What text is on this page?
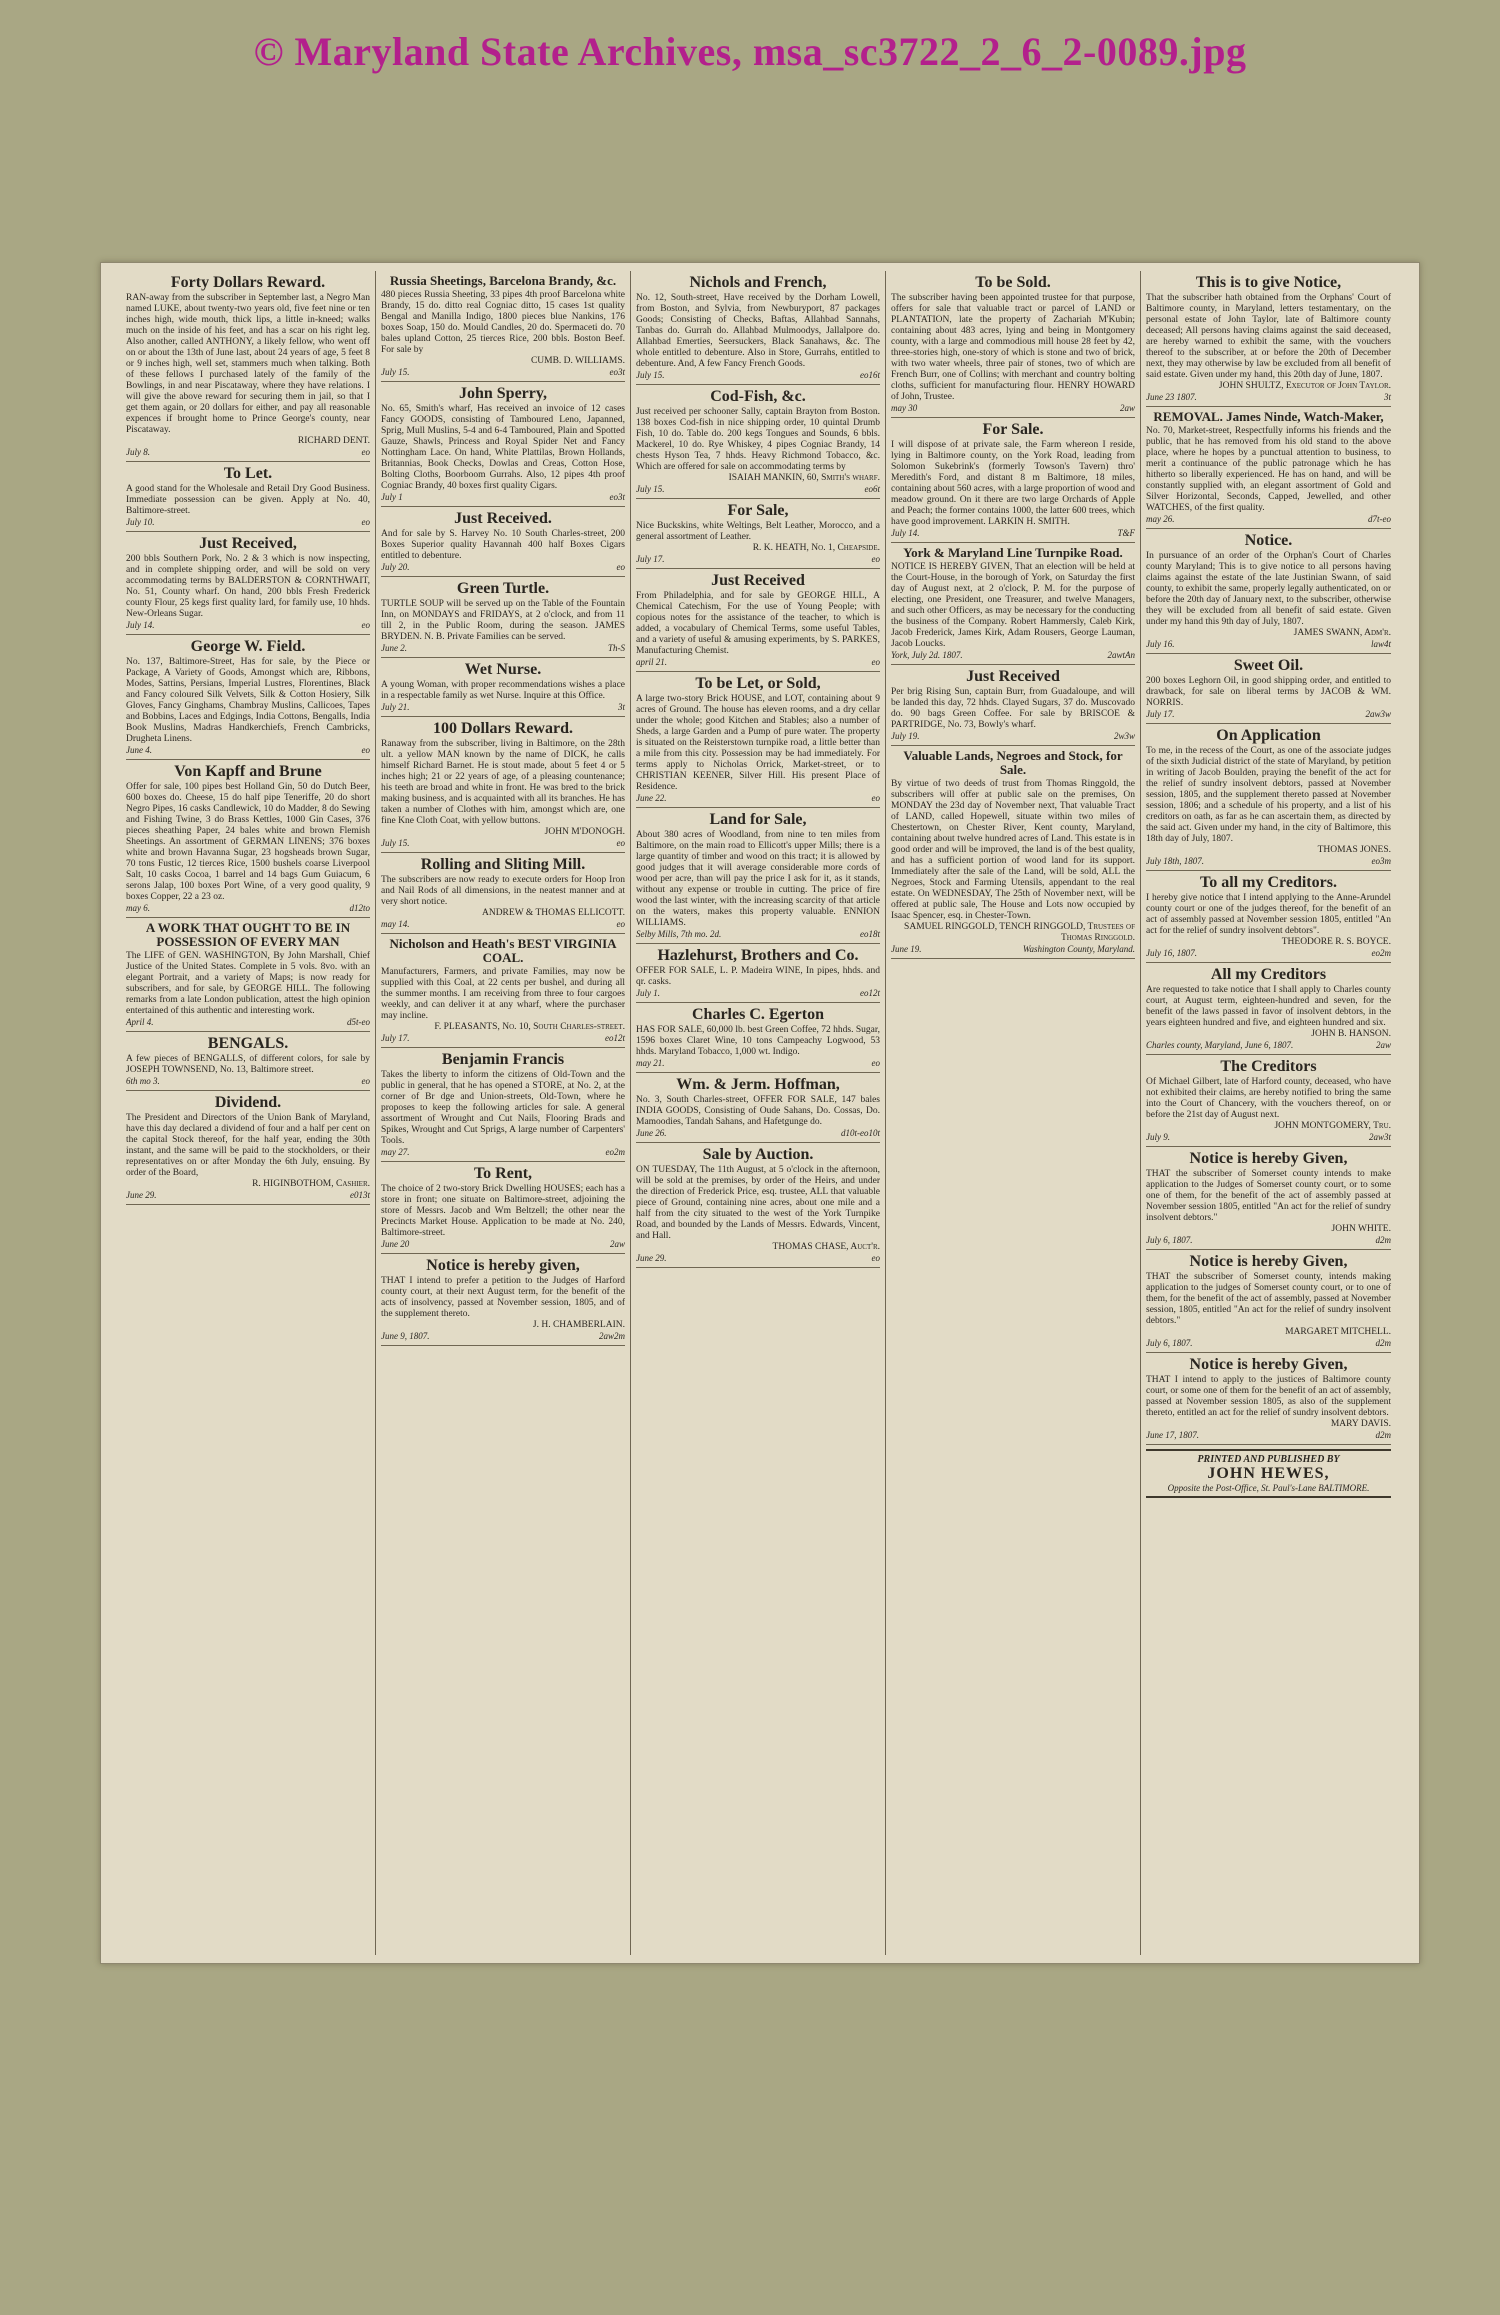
© Maryland State Archives, msa_sc3722_2_6_2-0089.jpg
Forty Dollars Reward.

RAN-away from the subscriber in September last, a Negro Man named LUKE, about twenty-two years old, five feet nine or ten inches high, wide mouth, thick lips, a little in-kneed; walks much on the inside of his feet, and has a scar on his right leg. Also another, called ANTHONY, a likely fellow, who went off on or about the 13th of June last, about 24 years of age, 5 feet 8 or 9 inches high, well set, stammers much when talking. Both of these fellows I purchased lately of the family of the Bowlings, in and near Piscataway, where they have relations. I will give the above reward for securing them in jail, so that I get them again, or 20 dollars for either, and pay all reasonable expences if brought home to Prince George's county, near Piscataway.

RICHARD DENT.
July 8.	eo
To Let.

A good stand for the Wholesale and Retail Dry Good Business. Immediate possession can be given. Apply at No. 40, Baltimore-street.

July 10.	eo
Just Received,

200 bbls Southern Pork, No. 2 & 3 which is now inspecting, and in complete shipping order, and will be sold on very accommodating terms by BALDERSTON & CORNTHWAIT, No. 51, County wharf. On hand, 200 bbls Fresh Frederick county Flour, 25 kegs first quality lard, for family use, 10 hhds. New-Orleans Sugar.

July 14.	eo
George W. Field.

No. 137, Baltimore-Street, Has for sale, by the Piece or Package, A Variety of Goods, Amongst which are, Ribbons, Modes, Sattins, Persians, Imperial Lustres, Florentines, Black and Fancy coloured Silk Velvets, Silk & Cotton Hosiery, Silk Gloves, Fancy Ginghams, Chambray Muslins, Callicoes, Tapes and Bobbins, Laces and Edgings, India Cottons, Bengalls, India Book Muslins, Madras Handkerchiefs, French Cambricks, Drugheta Linens.

June 4.	eo
Von Kapff and Brune

Offer for sale, 100 pipes best Holland Gin, 50 do Dutch Beer, 600 boxes do. Cheese, 15 do half pipe Teneriffe, 20 do short Negro Pipes, 16 casks Candlewick, 10 do Madder, 8 do Sewing and Fishing Twine, 3 do Brass Kettles, 1000 Gin Cases, 376 pieces sheathing Paper, 24 bales white and brown Flemish Sheetings. An assortment of GERMAN LINENS; 376 boxes white and brown Havanna Sugar, 23 hogsheads brown Sugar, 70 tons Fustic, 12 tierces Rice, 1500 bushels coarse Liverpool Salt, 10 casks Cocoa, 1 barrel and 14 bags Gum Guiacum, 6 serons Jalap, 100 boxes Port Wine, of a very good quality, 9 boxes Copper, 22 a 23 oz.

may 6.	d12to
A WORK THAT OUGHT TO BE IN POSSESSION OF EVERY MAN

The LIFE of GEN. WASHINGTON, By John Marshall, Chief Justice of the United States. Complete in 5 vols. 8vo. with an elegant Portrait, and a variety of Maps; is now ready for subscribers, and for sale, by GEORGE HILL. The following remarks from a late London publication, attest the high opinion entertained of this authentic and interesting work.

April 4.	d5t-eo
BENGALS.

A few pieces of BENGALLS, of different colors, for sale by JOSEPH TOWNSEND, No. 13, Baltimore street.

6th mo 3.	eo
Dividend.

The President and Directors of the Union Bank of Maryland, have this day declared a dividend of four and a half per cent on the capital Stock thereof, for the half year, ending the 30th instant, and the same will be paid to the stockholders, or their representatives on or after Monday the 6th July, ensuing. By order of the Board,

R. HIGINBOTHOM, Cashier.
June 29.	e013t
Russia Sheetings, Barcelona Brandy, &c.

480 pieces Russia Sheeting, 33 pipes 4th proof Barcelona white Brandy, 15 do. ditto real Cogniac ditto, 15 cases 1st quality Bengal and Manilla Indigo, 1800 pieces blue Nankins, 176 boxes Soap, 150 do. Mould Candles, 20 do. Spermaceti do. 70 bales upland Cotton, 25 tierces Rice, 200 bbls. Boston Beef. For sale by

CUMB. D. WILLIAMS.
July 15.	eo3t
John Sperry,

No. 65, Smith's wharf, Has received an invoice of 12 cases Fancy GOODS, consisting of Tamboured Leno, Japanned, Sprig, Mull Muslins, 5-4 and 6-4 Tamboured, Plain and Spotted Gauze, Shawls, Princess and Royal Spider Net and Fancy Nottingham Lace. On hand, White Plattilas, Brown Hollands, Britannias, Book Checks, Dowlas and Creas, Cotton Hose, Bolting Cloths, Boorboom Gurrahs. Also, 12 pipes 4th proof Cogniac Brandy, 40 boxes first quality Cigars.

July 1	eo3t
Just Received.

And for sale by S. Harvey No. 10 South Charles-street, 200 Boxes Superior quality Havannah 400 half Boxes Cigars entitled to debenture.

July 20.	eo
Green Turtle.

TURTLE SOUP will be served up on the Table of the Fountain Inn, on MONDAYS and FRIDAYS, at 2 o'clock, and from 11 till 2, in the Public Room, during the season. JAMES BRYDEN. N. B. Private Families can be served.

June 2.	Th-S
Wet Nurse.

A young Woman, with proper recommendations wishes a place in a respectable family as wet Nurse. Inquire at this Office.

July 21.	3t
100 Dollars Reward.

Ranaway from the subscriber, living in Baltimore, on the 28th ult. a yellow MAN known by the name of DICK, he calls himself Richard Barnet. He is stout made, about 5 feet 4 or 5 inches high; 21 or 22 years of age, of a pleasing countenance; his teeth are broad and white in front. He was bred to the brick making business, and is acquainted with all its branches. He has taken a number of Clothes with him, amongst which are, one fine Kne Cloth Coat, with yellow buttons.

JOHN M'DONOGH.
July 15.	eo
Rolling and Sliting Mill.

The subscribers are now ready to execute orders for Hoop Iron and Nail Rods of all dimensions, in the neatest manner and at very short notice.

ANDREW & THOMAS ELLICOTT.
may 14.	eo
Nicholson and Heath's BEST VIRGINIA COAL.

Manufacturers, Farmers, and private Families, may now be supplied with this Coal, at 22 cents per bushel, and during all the summer months. I am receiving from three to four cargoes weekly, and can deliver it at any wharf, where the purchaser may incline.

F. PLEASANTS, No. 10, South Charles-street.
July 17.	eo12t
Benjamin Francis

Takes the liberty to inform the citizens of Old-Town and the public in general, that he has opened a STORE, at No. 2, at the corner of Br dge and Union-streets, Old-Town, where he proposes to keep the following articles for sale. A general assortment of Wrought and Cut Nails, Flooring Brads and Spikes, Wrought and Cut Sprigs, A large number of Carpenters' Tools.

may 27.	eo2m
To Rent,

The choice of 2 two-story Brick Dwelling HOUSES; each has a store in front; one situate on Baltimore-street, adjoining the store of Messrs. Jacob and Wm Beltzell; the other near the Precincts Market House. Application to be made at No. 240, Baltimore-street.

June 20	2aw
Notice is hereby given,

THAT I intend to prefer a petition to the Judges of Harford county court, at their next August term, for the benefit of the acts of insolvency, passed at November session, 1805, and of the supplement thereto.

J. H. CHAMBERLAIN.
June 9, 1807.	2aw2m
Nichols and French,

No. 12, South-street, Have received by the Dorham Lowell, from Boston, and Sylvia, from Newburyport, 87 packages Goods; Consisting of Checks, Baftas, Allahbad Sannahs, Tanbas do. Gurrah do. Allahbad Mulmoodys, Jallalpore do. Allahbad Emerties, Seersuckers, Black Sanahaws, &c. The whole entitled to debenture. Also in Store, Gurrahs, entitled to debenture. And, A few Fancy French Goods.

July 15.	eo16t
Cod-Fish, &c.

Just received per schooner Sally, captain Brayton from Boston. 138 boxes Cod-fish in nice shipping order, 10 quintal Drumb Fish, 10 do. Table do. 200 kegs Tongues and Sounds, 6 bbls. Mackerel, 10 do. Rye Whiskey, 4 pipes Cogniac Brandy, 14 chests Hyson Tea, 7 hhds. Heavy Richmond Tobacco, &c. Which are offered for sale on accommodating terms by

ISAIAH MANKIN, 60, Smith's wharf.
July 15.	eo6t
For Sale,

Nice Buckskins, white Weltings, Belt Leather, Morocco, and a general assortment of Leather.

R. K. HEATH, No. 1, Cheapside.
July 17.	eo
Just Received

From Philadelphia, and for sale by GEORGE HILL, A Chemical Catechism, For the use of Young People; with copious notes for the assistance of the teacher, to which is added, a vocabulary of Chemical Terms, some useful Tables, and a variety of useful & amusing experiments, by S. PARKES, Manufacturing Chemist.

april 21.	eo
To be Let, or Sold,

A large two-story Brick HOUSE, and LOT, containing about 9 acres of Ground. The house has eleven rooms, and a dry cellar under the whole; good Kitchen and Stables; also a number of Sheds, a large Garden and a Pump of pure water. The property is situated on the Reisterstown turnpike road, a little better than a mile from this city. Possession may be had immediately. For terms apply to Nicholas Orrick, Market-street, or to CHRISTIAN KEENER, Silver Hill. His present Place of Residence.

June 22.	eo
Land for Sale,

About 380 acres of Woodland, from nine to ten miles from Baltimore, on the main road to Ellicott's upper Mills; there is a large quantity of timber and wood on this tract; it is allowed by good judges that it will average considerable more cords of wood per acre, than will pay the price I ask for it, as it stands, without any expense or trouble in cutting. The price of fire wood the last winter, with the increasing scarcity of that article on the waters, makes this property valuable. ENNION WILLIAMS.

Selby Mills, 7th mo. 2d.	eo18t
Hazlehurst, Brothers and Co.

OFFER FOR SALE, L. P. Madeira WINE, In pipes, hhds. and qr. casks.

July 1.	eo12t
Charles C. Egerton

HAS FOR SALE, 60,000 lb. best Green Coffee, 72 hhds. Sugar, 1596 boxes Claret Wine, 10 tons Campeachy Logwood, 53 hhds. Maryland Tobacco, 1,000 wt. Indigo.

may 21.	eo
Wm. & Jerm. Hoffman,

No. 3, South Charles-street, OFFER FOR SALE, 147 bales INDIA GOODS, Consisting of Oude Sahans, Do. Cossas, Do. Mamoodies, Tandah Sahans, and Hafetgunge do.

June 26.	d10t-eo10t
Sale by Auction.

ON TUESDAY, The 11th August, at 5 o'clock in the afternoon, will be sold at the premises, by order of the Heirs, and under the direction of Frederick Price, esq. trustee, ALL that valuable piece of Ground, containing nine acres, about one mile and a half from the city situated to the west of the York Turnpike Road, and bounded by the Lands of Messrs. Edwards, Vincent, and Hall.

THOMAS CHASE, Auct'r.
June 29.	eo
To be Sold.

The subscriber having been appointed trustee for that purpose, offers for sale that valuable tract or parcel of LAND or PLANTATION, late the property of Zachariah M'Kubin; containing about 483 acres, lying and being in Montgomery county, with a large and commodious mill house 28 feet by 42, three-stories high, one-story of which is stone and two of brick, with two water wheels, three pair of stones, two of which are French Burr, one of Collins; with merchant and country bolting cloths, sufficient for manufacturing flour. HENRY HOWARD of John, Trustee.

may 30	2aw
For Sale.

I will dispose of at private sale, the Farm whereon I reside, lying in Baltimore county, on the York Road, leading from Solomon Sukebrink's (formerly Towson's Tavern) thro' Meredith's Ford, and distant 8 m Baltimore, 18 miles, containing about 560 acres, with a large proportion of wood and meadow ground. On it there are two large Orchards of Apple and Peach; the former contains 1000, the latter 600 trees, which have good improvement. LARKIN H. SMITH.

July 14.	T&F
York & Maryland Line Turnpike Road.

NOTICE IS HEREBY GIVEN, That an election will be held at the Court-House, in the borough of York, on Saturday the first day of August next, at 2 o'clock, P. M. for the purpose of electing, one President, one Treasurer, and twelve Managers, and such other Officers, as may be necessary for the conducting the business of the Company. Robert Hammersly, Caleb Kirk, Jacob Frederick, James Kirk, Adam Rousers, George Lauman, Jacob Loucks.

York, July 2d. 1807.	2awtAn
Just Received

Per brig Rising Sun, captain Burr, from Guadaloupe, and will be landed this day, 72 hhds. Clayed Sugars, 37 do. Muscovado do. 90 bags Green Coffee. For sale by BRISCOE & PARTRIDGE, No. 73, Bowly's wharf.

July 19.	2w3w
Valuable Lands, Negroes and Stock, for Sale.

By virtue of two deeds of trust from Thomas Ringgold, the subscribers will offer at public sale on the premises, On MONDAY the 23d day of November next, That valuable Tract of LAND, called Hopewell, situate within two miles of Chestertown, on Chester River, Kent county, Maryland, containing about twelve hundred acres of Land. This estate is in good order and will be improved, the land is of the best quality, and has a sufficient portion of wood land for its support. Immediately after the sale of the Land, will be sold, ALL the Negroes, Stock and Farming Utensils, appendant to the real estate. On WEDNESDAY, The 25th of November next, will be offered at public sale, The House and Lots now occupied by Isaac Spencer, esq. in Chester-Town.

SAMUEL RINGGOLD, TENCH RINGGOLD, Trustees of Thomas Ringgold.
June 19.	Washington County, Maryland.
This is to give Notice,

That the subscriber hath obtained from the Orphans' Court of Baltimore county, in Maryland, letters testamentary, on the personal estate of John Taylor, late of Baltimore county deceased; All persons having claims against the said deceased, are hereby warned to exhibit the same, with the vouchers thereof to the subscriber, at or before the 20th of December next, they may otherwise by law be excluded from all benefit of said estate. Given under my hand, this 20th day of June, 1807.

JOHN SHULTZ, Executor of John Taylor.
June 23 1807.	3t
REMOVAL. James Ninde, Watch-Maker,

No. 70, Market-street, Respectfully informs his friends and the public, that he has removed from his old stand to the above place, where he hopes by a punctual attention to business, to merit a continuance of the public patronage which he has hitherto so liberally experienced. He has on hand, and will be constantly supplied with, an elegant assortment of Gold and Silver Horizontal, Seconds, Capped, Jewelled, and other WATCHES, of the first quality.

may 26.	d7t-eo
Notice.

In pursuance of an order of the Orphan's Court of Charles county Maryland; This is to give notice to all persons having claims against the estate of the late Justinian Swann, of said county, to exhibit the same, properly legally authenticated, on or before the 20th day of January next, to the subscriber, otherwise they will be excluded from all benefit of said estate. Given under my hand this 9th day of July, 1807.

JAMES SWANN, Adm'r.
July 16.	law4t
Sweet Oil.

200 boxes Leghorn Oil, in good shipping order, and entitled to drawback, for sale on liberal terms by JACOB & WM. NORRIS.

July 17.	2aw3w
On Application

To me, in the recess of the Court, as one of the associate judges of the sixth Judicial district of the state of Maryland, by petition in writing of Jacob Boulden, praying the benefit of the act for the relief of sundry insolvent debtors, passed at November session, 1805, and the supplement thereto passed at November session, 1806; and a schedule of his property, and a list of his creditors on oath, as far as he can ascertain them, as directed by the said act. Given under my hand, in the city of Baltimore, this 18th day of July, 1807.

THOMAS JONES.
July 18th, 1807.	eo3m
To all my Creditors.

I hereby give notice that I intend applying to the Anne-Arundel county court or one of the judges thereof, for the benefit of an act of assembly passed at November session 1805, entitled "An act for the relief of sundry insolvent debtors".

THEODORE R. S. BOYCE.
July 16, 1807.	eo2m
All my Creditors

Are requested to take notice that I shall apply to Charles county court, at August term, eighteen-hundred and seven, for the benefit of the laws passed in favor of insolvent debtors, in the years eighteen hundred and five, and eighteen hundred and six.

JOHN B. HANSON.
Charles county, Maryland, June 6, 1807.	2aw
The Creditors

Of Michael Gilbert, late of Harford county, deceased, who have not exhibited their claims, are hereby notified to bring the same into the Court of Chancery, with the vouchers thereof, on or before the 21st day of August next.

JOHN MONTGOMERY, Tru.
July 9.	2aw3t
Notice is hereby Given,

THAT the subscriber of Somerset county intends to make application to the Judges of Somerset county court, or to some one of them, for the benefit of the act of assembly passed at November session 1805, entitled "An act for the relief of sundry insolvent debtors."

JOHN WHITE.
July 6, 1807.	d2m
Notice is hereby Given,

THAT the subscriber of Somerset county, intends making application to the judges of Somerset county court, or to one of them, for the benefit of the act of assembly, passed at November session, 1805, entitled "An act for the relief of sundry insolvent debtors."

MARGARET MITCHELL.
July 6, 1807.	d2m
Notice is hereby Given,

THAT I intend to apply to the justices of Baltimore county court, or some one of them for the benefit of an act of assembly, passed at November session 1805, as also of the supplement thereto, entitled an act for the relief of sundry insolvent debtors.

MARY DAVIS.
June 17, 1807.	d2m
PRINTED AND PUBLISHED BY
JOHN HEWES,
Opposite the Post-Office, St. Paul's-Lane BALTIMORE.
